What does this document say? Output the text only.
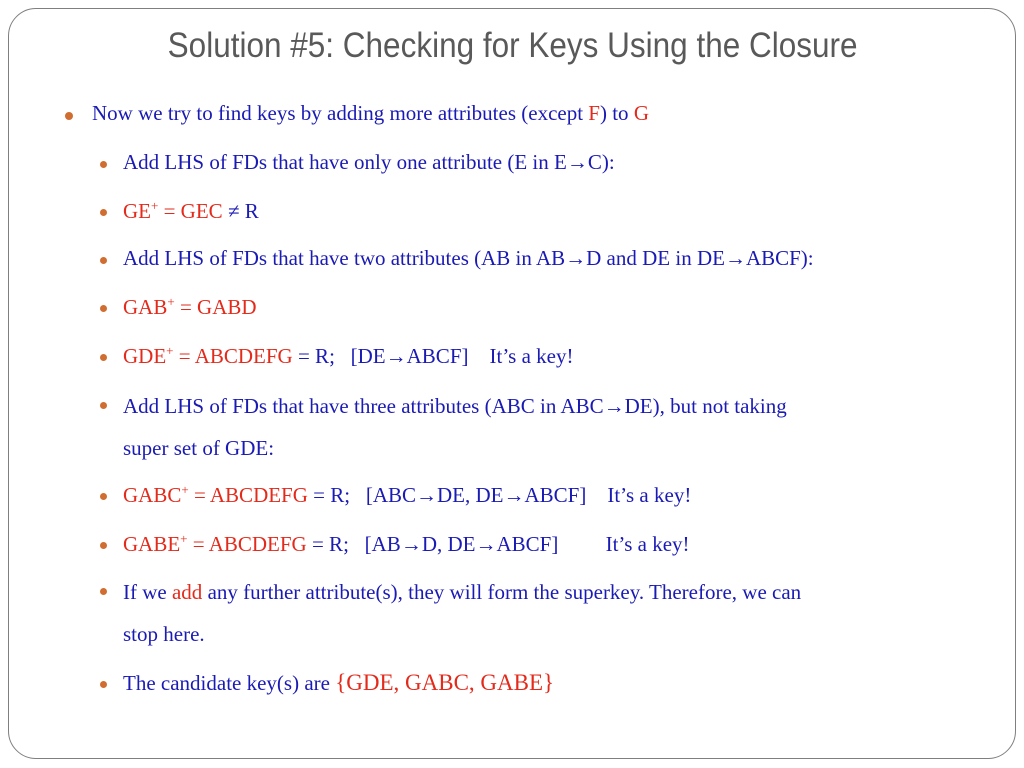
Solution #5: Checking for Keys Using the Closure
Now we try to find keys by adding more attributes (except F) to G
Add LHS of FDs that have only one attribute (E in E→C):
GE+ = GEC ≠ R
Add LHS of FDs that have two attributes (AB in AB→D and DE in DE→ABCF):
GAB+ = GABD
GDE+ = ABCDEFG = R;   [DE→ABCF]    It’s a key!
Add LHS of FDs that have three attributes (ABC in ABC→DE), but not taking
super set of GDE:
GABC+ = ABCDEFG = R;   [ABC→DE, DE→ABCF]    It’s a key!
GABE+ = ABCDEFG = R;   [AB→D, DE→ABCF]         It’s a key!
If we add any further attribute(s), they will form the superkey. Therefore, we can
stop here.
The candidate key(s) are {GDE, GABC, GABE}
